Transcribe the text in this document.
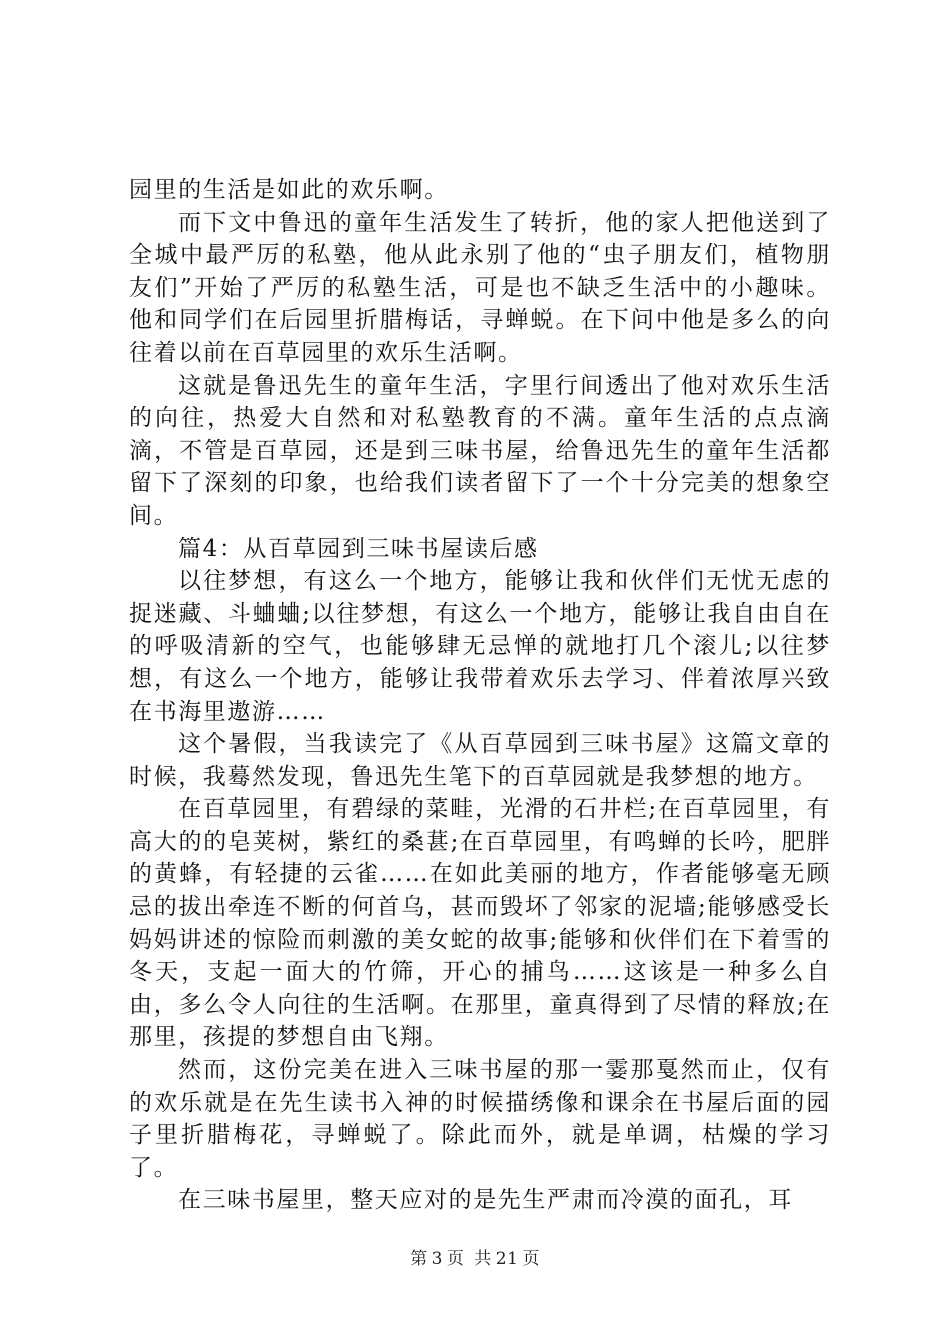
园里的生活是如此的欢乐啊。

而下文中鲁迅的童年生活发生了转折，他的家人把他送到了全城中最严厉的私塾，他从此永别了他的“虫子朋友们，植物朋友们”开始了严厉的私塾生活，可是也不缺乏生活中的小趣味。他和同学们在后园里折腊梅话，寻蝉蜕。在下问中他是多么的向往着以前在百草园里的欢乐生活啊。

这就是鲁迅先生的童年生活，字里行间透出了他对欢乐生活的向往，热爱大自然和对私塾教育的不满。童年生活的点点滴滴，不管是百草园，还是到三味书屋，给鲁迅先生的童年生活都留下了深刻的印象，也给我们读者留下了一个十分完美的想象空间。

篇4：从百草园到三味书屋读后感

以往梦想，有这么一个地方，能够让我和伙伴们无忧无虑的捉迷藏、斗蛐蛐;以往梦想，有这么一个地方，能够让我自由自在的呼吸清新的空气，也能够肆无忌惮的就地打几个滚儿;以往梦想，有这么一个地方，能够让我带着欢乐去学习、伴着浓厚兴致在书海里遨游……

这个暑假，当我读完了《从百草园到三味书屋》这篇文章的时候，我蓦然发现，鲁迅先生笔下的百草园就是我梦想的地方。

在百草园里，有碧绿的菜畦，光滑的石井栏;在百草园里，有高大的的皂荚树，紫红的桑葚;在百草园里，有鸣蝉的长吟，肥胖的黄蜂，有轻捷的云雀……在如此美丽的地方，作者能够毫无顾忌的拔出牵连不断的何首乌，甚而毁坏了邻家的泥墙;能够感受长妈妈讲述的惊险而刺激的美女蛇的故事;能够和伙伴们在下着雪的冬天，支起一面大的竹筛，开心的捕鸟……这该是一种多么自由，多么令人向往的生活啊。在那里，童真得到了尽情的释放;在那里，孩提的梦想自由飞翔。

然而，这份完美在进入三味书屋的那一霎那戛然而止，仅有的欢乐就是在先生读书入神的时候描绣像和课余在书屋后面的园子里折腊梅花，寻蝉蜕了。除此而外，就是单调，枯燥的学习了。

在三味书屋里，整天应对的是先生严肃而冷漠的面孔，耳

第 3 页 共 21 页
